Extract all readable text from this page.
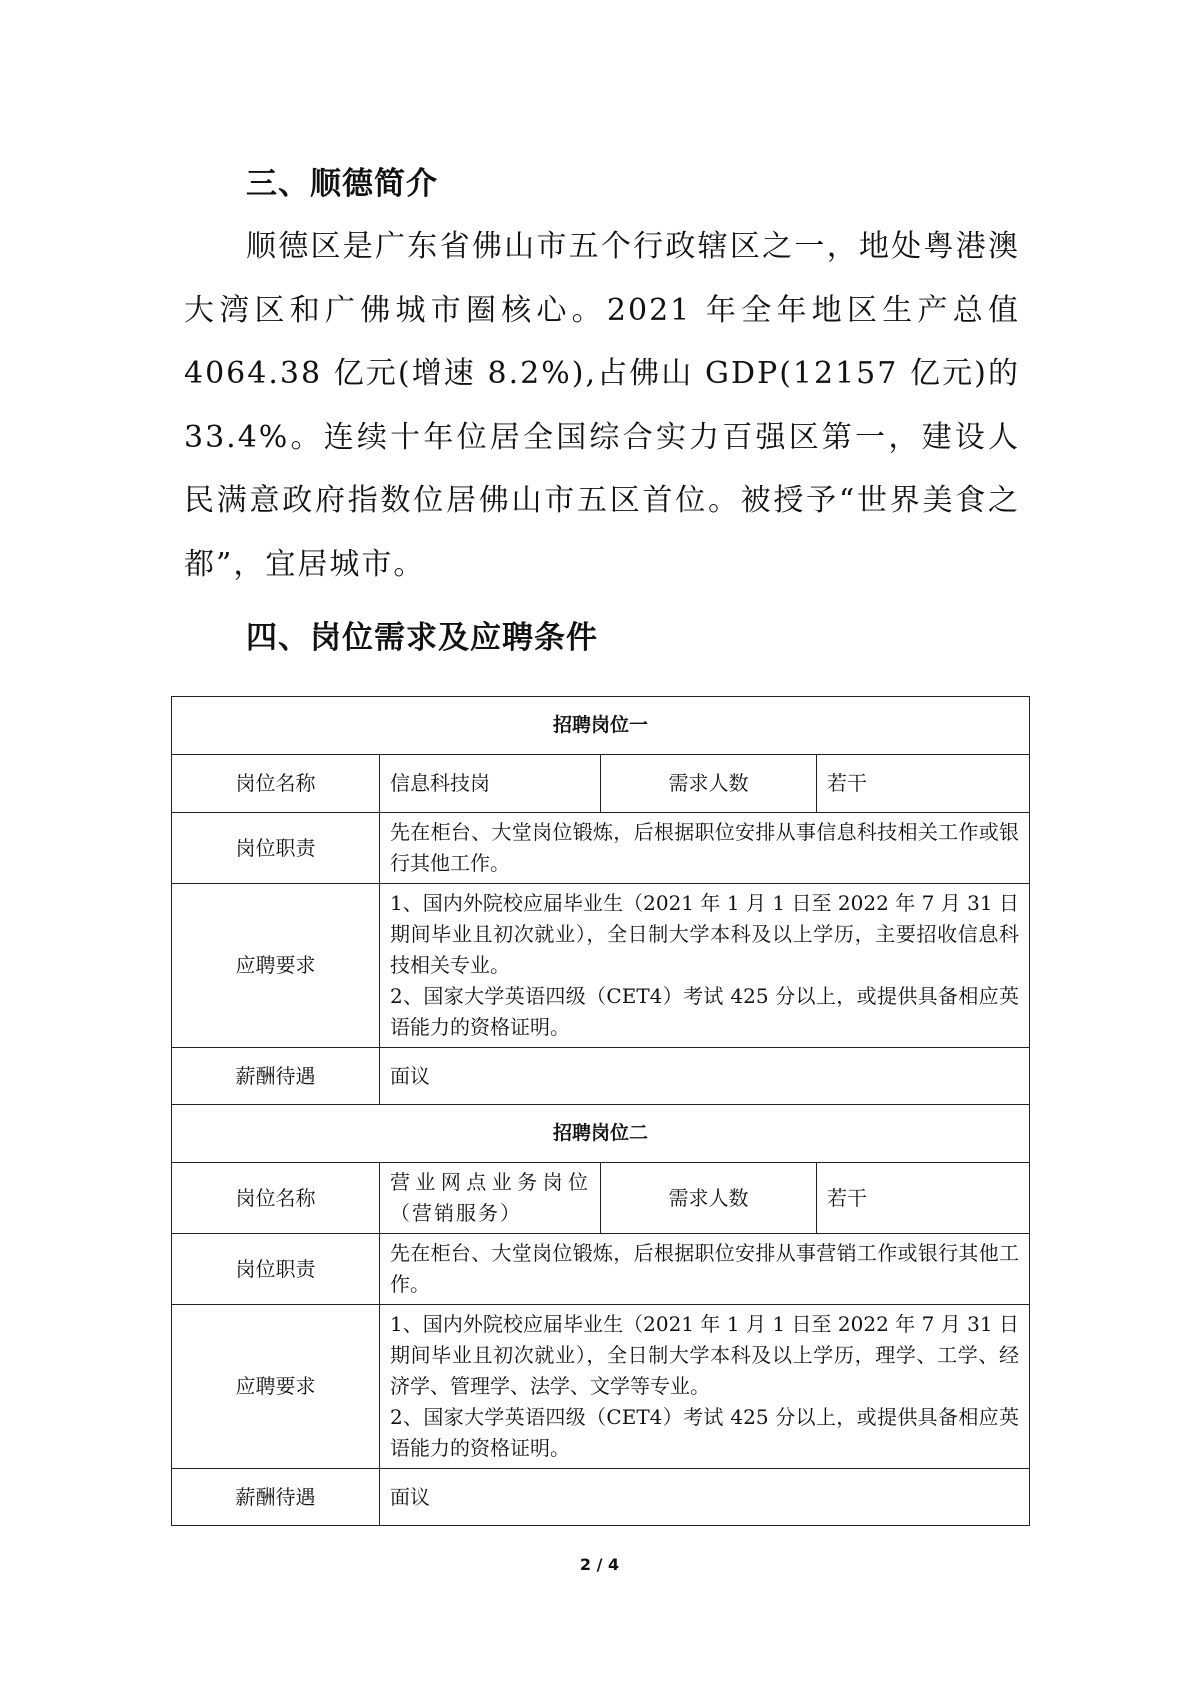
三、顺德简介

顺德区是广东省佛山市五个行政辖区之一，地处粤港澳大湾区和广佛城市圈核心。2021 年全年地区生产总值 4064.38 亿元(增速 8.2%),占佛山 GDP(12157 亿元)的 33.4%。连续十年位居全国综合实力百强区第一，建设人民满意政府指数位居佛山市五区首位。被授予“世界美食之都”，宜居城市。

四、岗位需求及应聘条件
招聘岗位一			
岗位名称	信息科技岗	需求人数	若干
岗位职责	先在柜台、大堂岗位锻炼，后根据职位安排从事信息科技相关工作或银行其他工作。		
应聘要求	1、国内外院校应届毕业生（2021 年 1 月 1 日至 2022 年 7 月 31 日期间毕业且初次就业），全日制大学本科及以上学历，主要招收信息科技相关专业。
2、国家大学英语四级（CET4）考试 425 分以上，或提供具备相应英语能力的资格证明。		

薪酬待遇	面议		
招聘岗位二			
岗位名称	营业网点业务岗位（营销服务）	需求人数	若干
岗位职责	先在柜台、大堂岗位锻炼，后根据职位安排从事营销工作或银行其他工作。		
应聘要求	1、国内外院校应届毕业生（2021 年 1 月 1 日至 2022 年 7 月 31 日期间毕业且初次就业），全日制大学本科及以上学历，理学、工学、经济学、管理学、法学、文学等专业。
2、国家大学英语四级（CET4）考试 425 分以上，或提供具备相应英语能力的资格证明。		

薪酬待遇	面议		
2 / 4
